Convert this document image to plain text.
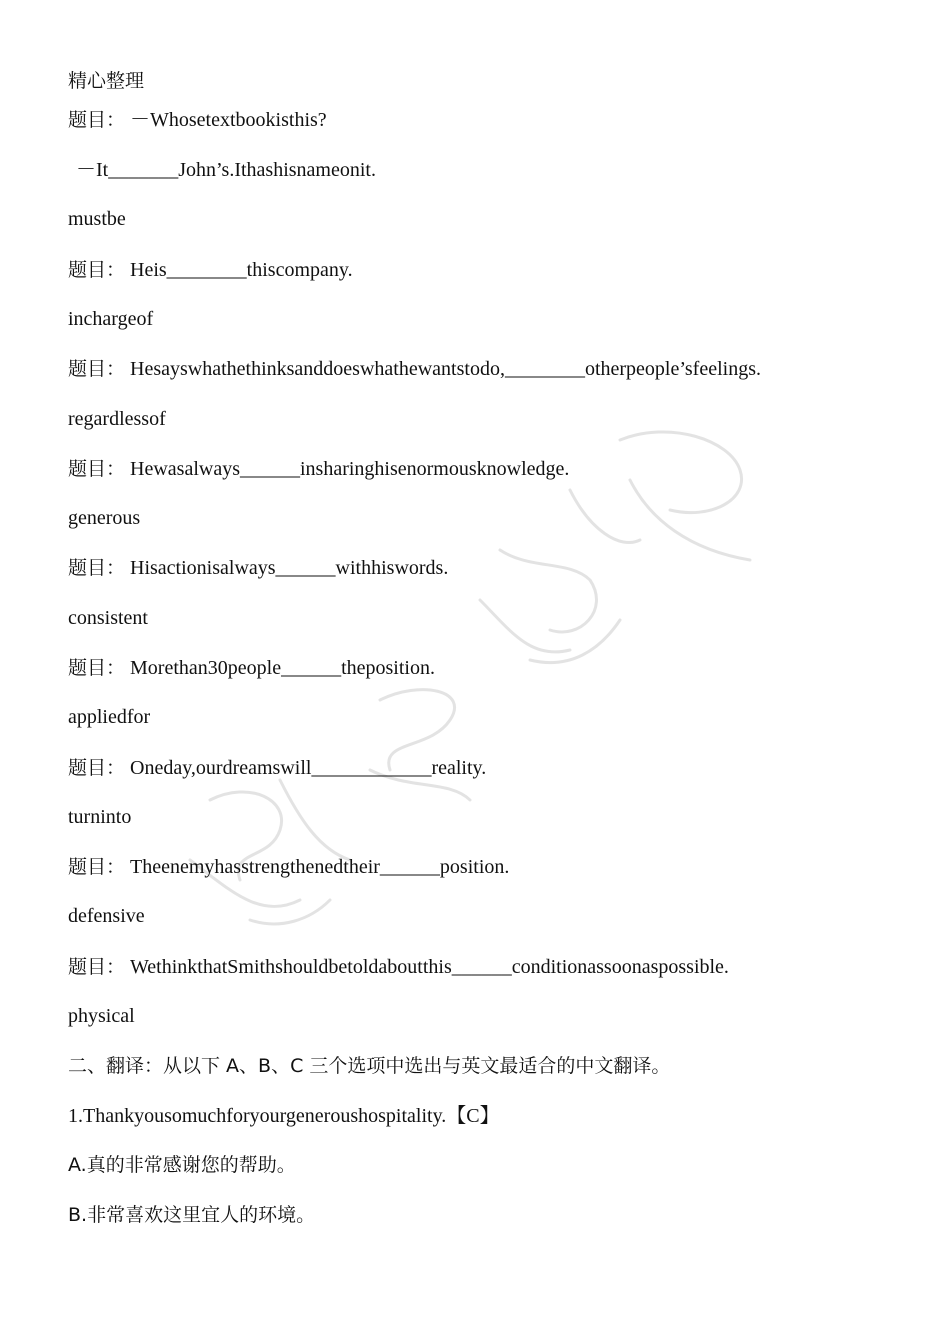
精心整理
题目： －Whosetextbookisthis?
－It_______John’s.Ithashisnameonit.
mustbe
题目： Heis________thiscompany.
inchargeof
题目： Hesayswhathethinksanddoeswhathewantstodo,________otherpeople’sfeelings.
regardlessof
题目： Hewasalways______insharinghisenormousknowledge.
generous
题目： Hisactionisalways______withhiswords.
consistent
题目： Morethan30people______theposition.
appliedfor
题目： Oneday,ourdreamswill____________reality.
turninto
题目： Theenemyhasstrengthenedtheir______position.
defensive
题目： WethinkthatSmithshouldbetoldaboutthis______conditionassoonaspossible.
physical
二、翻译：从以下 A、B、C 三个选项中选出与英文最适合的中文翻译。
1.Thankyousomuchforyourgeneroushospitality.【C】
A.真的非常感谢您的帮助。
B.非常喜欢这里宜人的环境。
